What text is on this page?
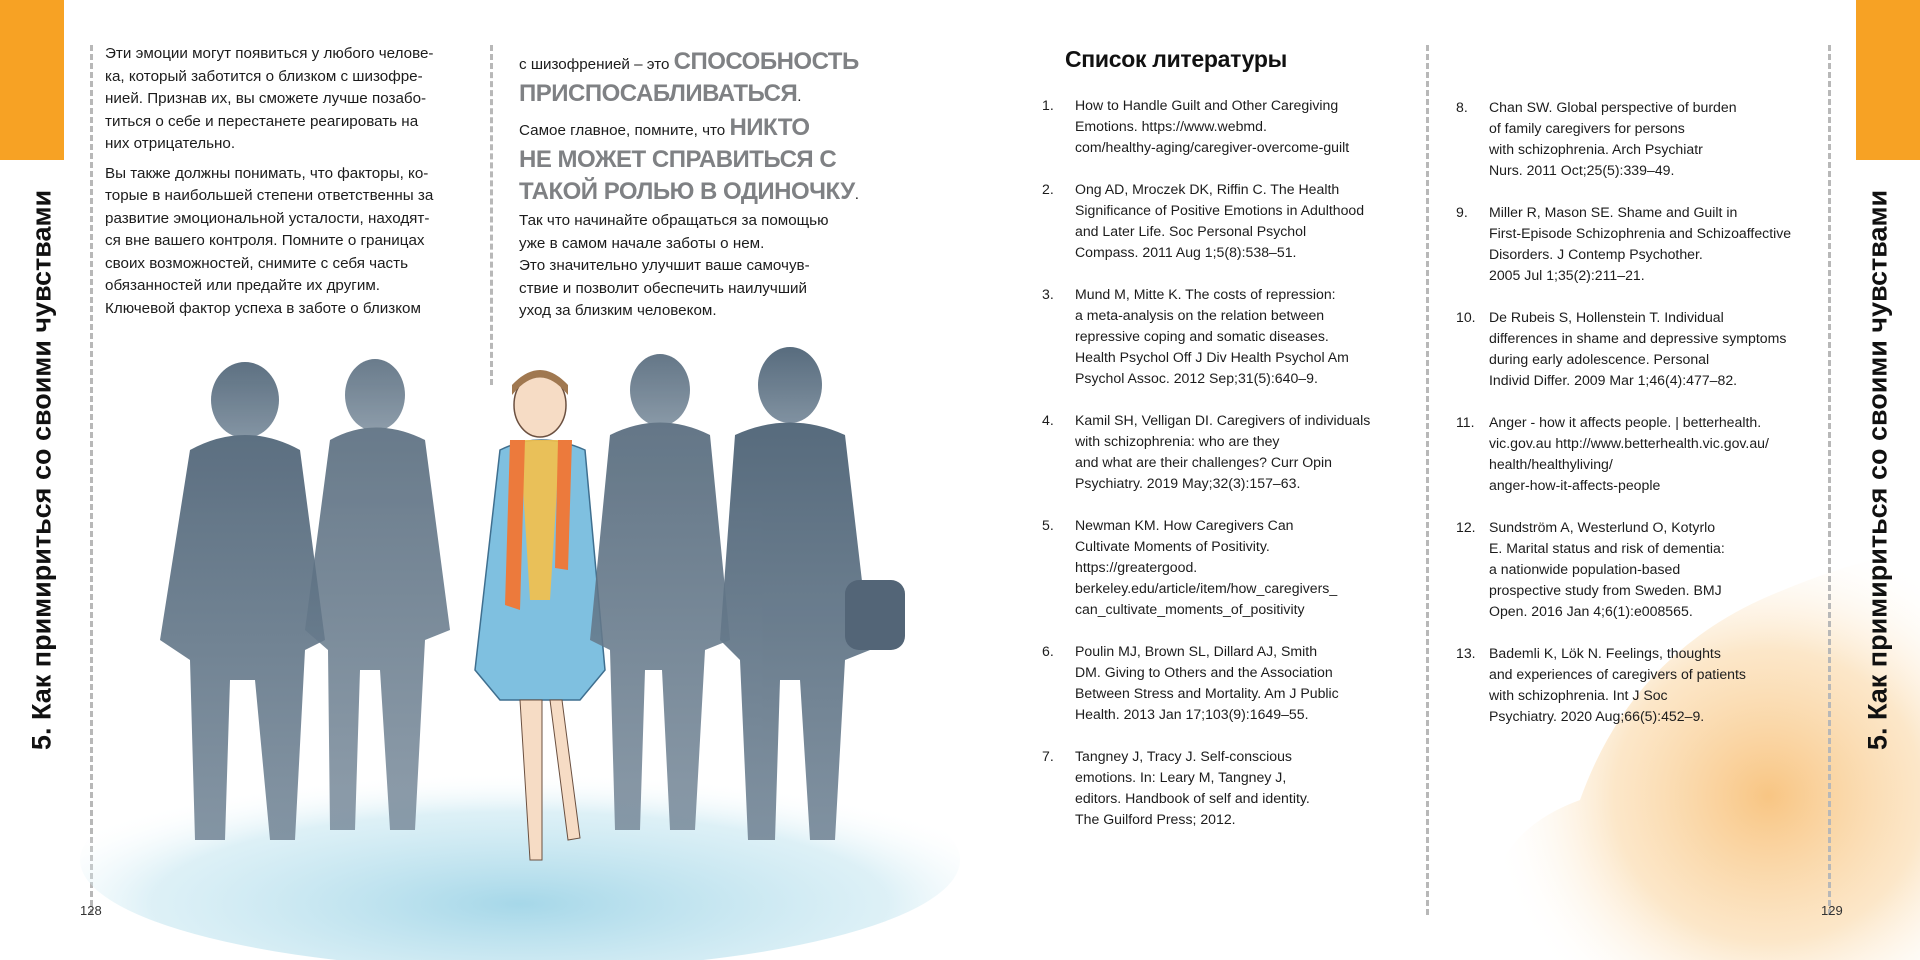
5. Как примириться со своими чувствами

Эти эмоции могут появиться у любого челове-
ка, который заботится о близком с шизофре-
нией. Признав их, вы сможете лучше позабо-
титься о себе и перестанете реагировать на
них отрицательно.

Вы также должны понимать, что факторы, ко-
торые в наибольшей степени ответственны за
развитие эмоциональной усталости, находят-
ся вне вашего контроля. Помните о границах
своих возможностей, снимите с себя часть
обязанностей или предайте их другим.
Ключевой фактор успеха в заботе о близком

с шизофренией – это СПОСОБНОСТЬ
ПРИСПОСАБЛИВАТЬСЯ.
Самое главное, помните, что НИКТО
НЕ МОЖЕТ СПРАВИТЬСЯ С
ТАКОЙ РОЛЬЮ В ОДИНОЧКУ.
Так что начинайте обращаться за помощью
уже в самом начале заботы о нем.
Это значительно улучшит ваше самочув-
ствие и позволит обеспечить наилучший
уход за близким человеком.
128
5. Как примириться со своими чувствами
Список литературы
1. How to Handle Guilt and Other Caregiving
Emotions. https://www.webmd.
com/healthy-aging/caregiver-overcome-guilt
2. Ong AD, Mroczek DK, Riffin C. The Health
Significance of Positive Emotions in Adulthood
and Later Life. Soc Personal Psychol
Compass. 2011 Aug 1;5(8):538–51.
3. Mund M, Mitte K. The costs of repression:
a meta-analysis on the relation between
repressive coping and somatic diseases.
Health Psychol Off J Div Health Psychol Am
Psychol Assoc. 2012 Sep;31(5):640–9.
4. Kamil SH, Velligan DI. Caregivers of individuals
with schizophrenia: who are they
and what are their challenges? Curr Opin
Psychiatry. 2019 May;32(3):157–63.
5. Newman KM. How Caregivers Can
Cultivate Moments of Positivity.
https://greatergood.
berkeley.edu/article/item/how_caregivers_
can_cultivate_moments_of_positivity
6. Poulin MJ, Brown SL, Dillard AJ, Smith
DM. Giving to Others and the Association
Between Stress and Mortality. Am J Public
Health. 2013 Jan 17;103(9):1649–55.
7. Tangney J, Tracy J. Self-conscious
emotions. In: Leary M, Tangney J,
editors. Handbook of self and identity.
The Guilford Press; 2012.
8. Chan SW. Global perspective of burden
of family caregivers for persons
with schizophrenia. Arch Psychiatr
Nurs. 2011 Oct;25(5):339–49.
9. Miller R, Mason SE. Shame and Guilt in
First-Episode Schizophrenia and Schizoaffective
Disorders. J Contemp Psychother.
2005 Jul 1;35(2):211–21.
10. De Rubeis S, Hollenstein T. Individual
differences in shame and depressive symptoms
during early adolescence. Personal
Individ Differ. 2009 Mar 1;46(4):477–82.
11. Anger - how it affects people. | betterhealth.
vic.gov.au http://www.betterhealth.vic.gov.au/
health/healthyliving/
anger-how-it-affects-people
12. Sundström A, Westerlund O, Kotyrlo
E. Marital status and risk of dementia:
a nationwide population-based
prospective study from Sweden. BMJ
Open. 2016 Jan 4;6(1):e008565.
13. Bademli K, Lök N. Feelings, thoughts
and experiences of caregivers of patients
with schizophrenia. Int J Soc
Psychiatry. 2020 Aug;66(5):452–9.
129
